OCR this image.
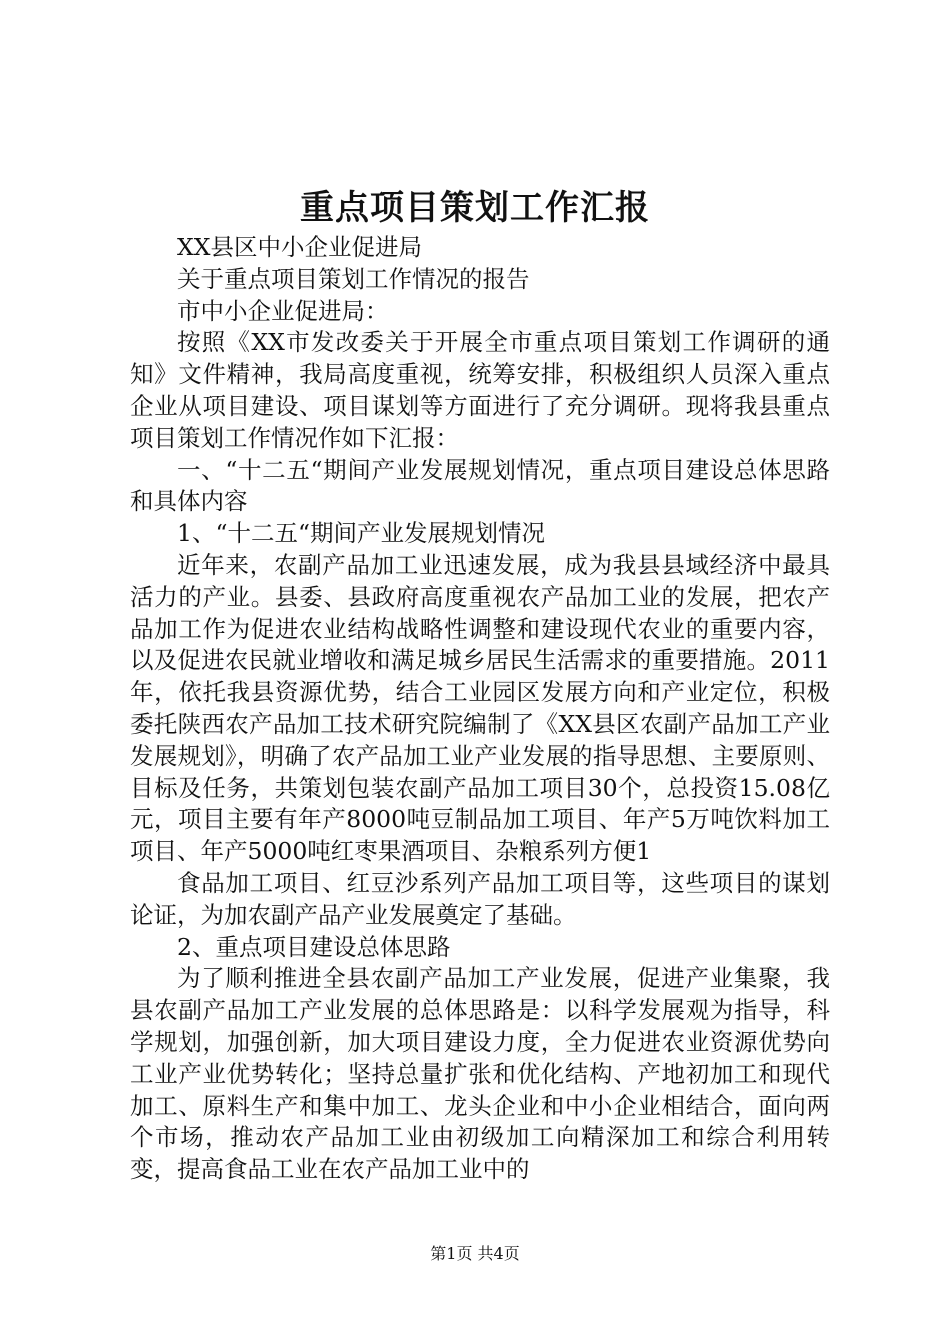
重点项目策划工作汇报

XX县区中小企业促进局

关于重点项目策划工作情况的报告

市中小企业促进局：

按照《XX市发改委关于开展全市重点项目策划工作调研的通知》文件精神，我局高度重视，统筹安排，积极组织人员深入重点企业从项目建设、项目谋划等方面进行了充分调研。现将我县重点项目策划工作情况作如下汇报：

一、“十二五“期间产业发展规划情况，重点项目建设总体思路和具体内容

1、“十二五“期间产业发展规划情况

近年来，农副产品加工业迅速发展，成为我县县域经济中最具活力的产业。县委、县政府高度重视农产品加工业的发展，把农产品加工作为促进农业结构战略性调整和建设现代农业的重要内容，以及促进农民就业增收和满足城乡居民生活需求的重要措施。2011年，依托我县资源优势，结合工业园区发展方向和产业定位，积极委托陕西农产品加工技术研究院编制了《XX县区农副产品加工产业发展规划》，明确了农产品加工业产业发展的指导思想、主要原则、目标及任务，共策划包装农副产品加工项目30个，总投资15.08亿元，项目主要有年产8000吨豆制品加工项目、年产5万吨饮料加工项目、年产5000吨红枣果酒项目、杂粮系列方便1

食品加工项目、红豆沙系列产品加工项目等，这些项目的谋划论证，为加农副产品产业发展奠定了基础。

2、重点项目建设总体思路

为了顺利推进全县农副产品加工产业发展，促进产业集聚，我县农副产品加工产业发展的总体思路是：以科学发展观为指导，科学规划，加强创新，加大项目建设力度，全力促进农业资源优势向工业产业优势转化；坚持总量扩张和优化结构、产地初加工和现代加工、原料生产和集中加工、龙头企业和中小企业相结合，面向两个市场，推动农产品加工业由初级加工向精深加工和综合利用转变，提高食品工业在农产品加工业中的

第1页 共4页
